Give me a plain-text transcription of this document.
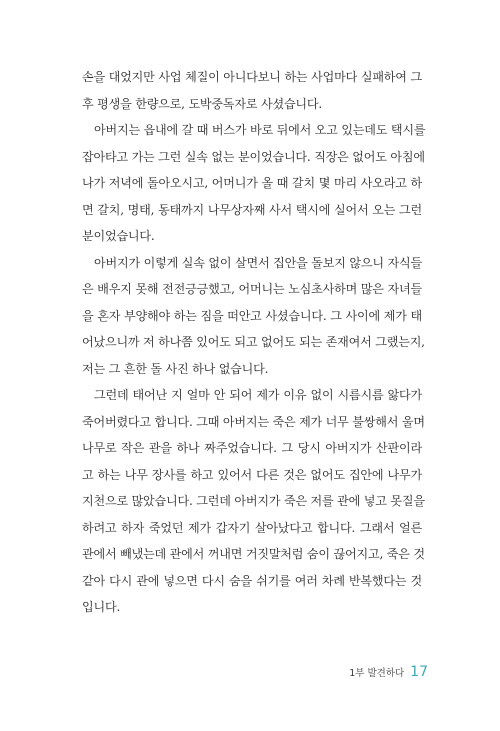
손을 대었지만 사업 체질이 아니다보니 하는 사업마다 실패하여 그
후 평생을 한량으로, 도박중독자로 사셨습니다.
아버지는 읍내에 갈 때 버스가 바로 뒤에서 오고 있는데도 택시를
잡아타고 가는 그런 실속 없는 분이었습니다. 직장은 없어도 아침에
나가 저녁에 돌아오시고, 어머니가 올 때 갈치 몇 마리 사오라고 하
면 갈치, 명태, 동태까지 나무상자째 사서 택시에 실어서 오는 그런
분이었습니다.
아버지가 이렇게 실속 없이 살면서 집안을 돌보지 않으니 자식들
은 배우지 못해 전전긍긍했고, 어머니는 노심초사하며 많은 자녀들
을 혼자 부양해야 하는 짐을 떠안고 사셨습니다. 그 사이에 제가 태
어났으니까 저 하나쯤 있어도 되고 없어도 되는 존재여서 그랬는지,
저는 그 흔한 돌 사진 하나 없습니다.
그런데 태어난 지 얼마 안 되어 제가 이유 없이 시름시름 앓다가
죽어버렸다고 합니다. 그때 아버지는 죽은 제가 너무 불쌍해서 울며
나무로 작은 관을 하나 짜주었습니다. 그 당시 아버지가 산판이라
고 하는 나무 장사를 하고 있어서 다른 것은 없어도 집안에 나무가
지천으로 많았습니다. 그런데 아버지가 죽은 저를 관에 넣고 못질을
하려고 하자 죽었던 제가 갑자기 살아났다고 합니다. 그래서 얼른
관에서 빼냈는데 관에서 꺼내면 거짓말처럼 숨이 끊어지고, 죽은 것
같아 다시 관에 넣으면 다시 숨을 쉬기를 여러 차례 반복했다는 것
입니다.
1부 발견하다 17
